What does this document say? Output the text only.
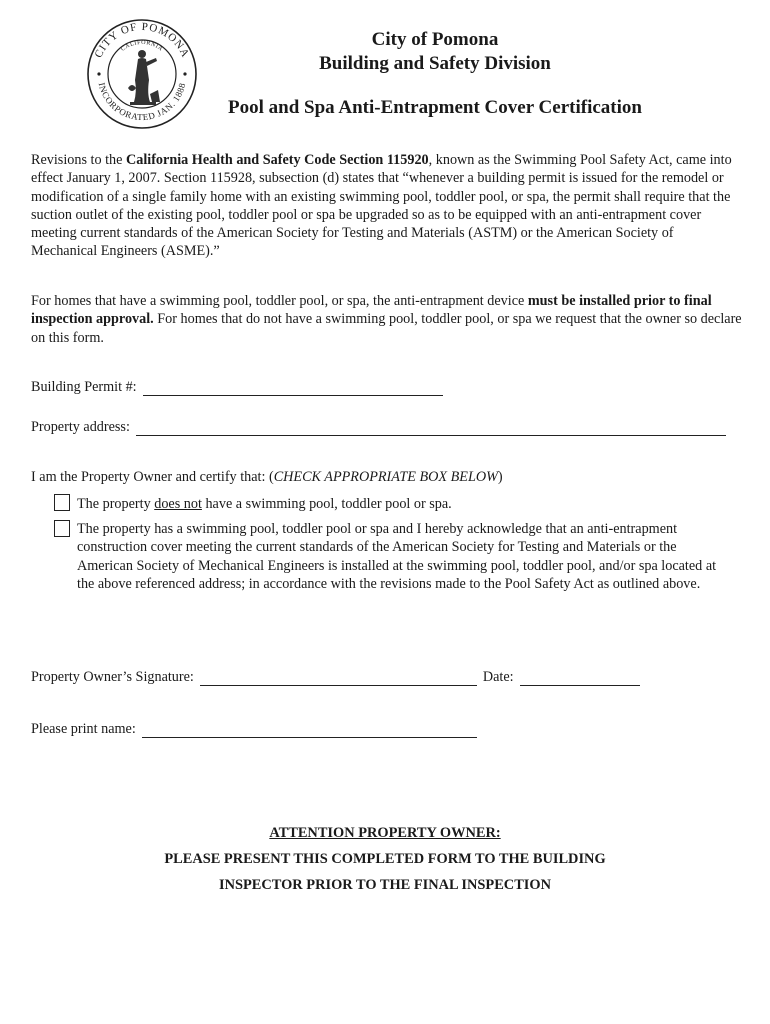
CITY OF POMONA
CALIFORNIA
INCORPORATED JAN. 1888
City of Pomona
Building and Safety Division
Pool and Spa Anti-Entrapment Cover Certification

Revisions to the California Health and Safety Code Section 115920, known as the Swimming Pool Safety Act, came into effect January 1, 2007. Section 115928, subsection (d) states that “whenever a building permit is issued for the remodel or modification of a single family home with an existing swimming pool, toddler pool, or spa, the permit shall require that the suction outlet of the existing pool, toddler pool or spa be upgraded so as to be equipped with an anti-entrapment cover meeting current standards of the American Society for Testing and Materials (ASTM) or the American Society of Mechanical Engineers (ASME).”

For homes that have a swimming pool, toddler pool, or spa, the anti-entrapment device must be installed prior to final inspection approval. For homes that do not have a swimming pool, toddler pool, or spa we request that the owner so declare on this form.

Building Permit #:
Property address:
I am the Property Owner and certify that: ( CHECK APPROPRIATE BOX BELOW )

The property does not have a swimming pool, toddler pool or spa.

The property has a swimming pool, toddler pool or spa and I hereby acknowledge that an anti-entrapment construction cover meeting the current standards of the American Society for Testing and Materials or the American Society of Mechanical Engineers is installed at the swimming pool, toddler pool, and/or spa located at the above referenced address; in accordance with the revisions made to the Pool Safety Act as outlined above.

Property Owner’s Signature:	Date:
Please print name:
ATTENTION PROPERTY OWNER:
PLEASE PRESENT THIS COMPLETED FORM TO THE BUILDING
INSPECTOR PRIOR TO THE FINAL INSPECTION
